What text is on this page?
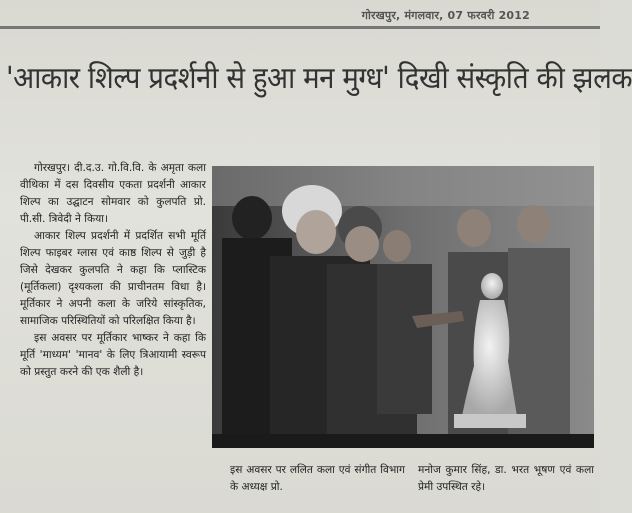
गोरखपुर, मंगलवार, 07 फरवरी 2012
'आकार शिल्प प्रदर्शनी से हुआ मन मुग्ध' दिखी संस्कृति की झलक

गोरखपुर। दी.द.उ. गो.वि.वि. के अमृता कला वीथिका में दस दिवसीय एकता प्रदर्शनी आकार शिल्प का उद्घाटन सोमवार को कुलपति प्रो. पी.सी. त्रिवेदी ने किया।

आकार शिल्प प्रदर्शनी में प्रदर्शित सभी मूर्ति शिल्प फाइबर ग्लास एवं काष्ठ शिल्प से जुड़ी है जिसे देखकर कुलपति ने कहा कि प्लास्टिक (मूर्तिकला) दृश्यकला की प्राचीनतम विधा है। मूर्तिकार ने अपनी कला के जरिये सांस्कृतिक, सामाजिक परिस्थितियों को परिलक्षित किया है।

इस अवसर पर मूर्तिकार भाष्कर ने कहा कि मूर्ति 'माध्यम' 'मानव' के लिए त्रिआयामी स्वरूप को प्रस्तुत करने की एक शैली है।

इस अवसर पर ललित कला एवं संगीत विभाग के अध्यक्ष प्रो.
मनोज कुमार सिंह, डा. भरत भूषण एवं कला प्रेमी उपस्थित रहे।
